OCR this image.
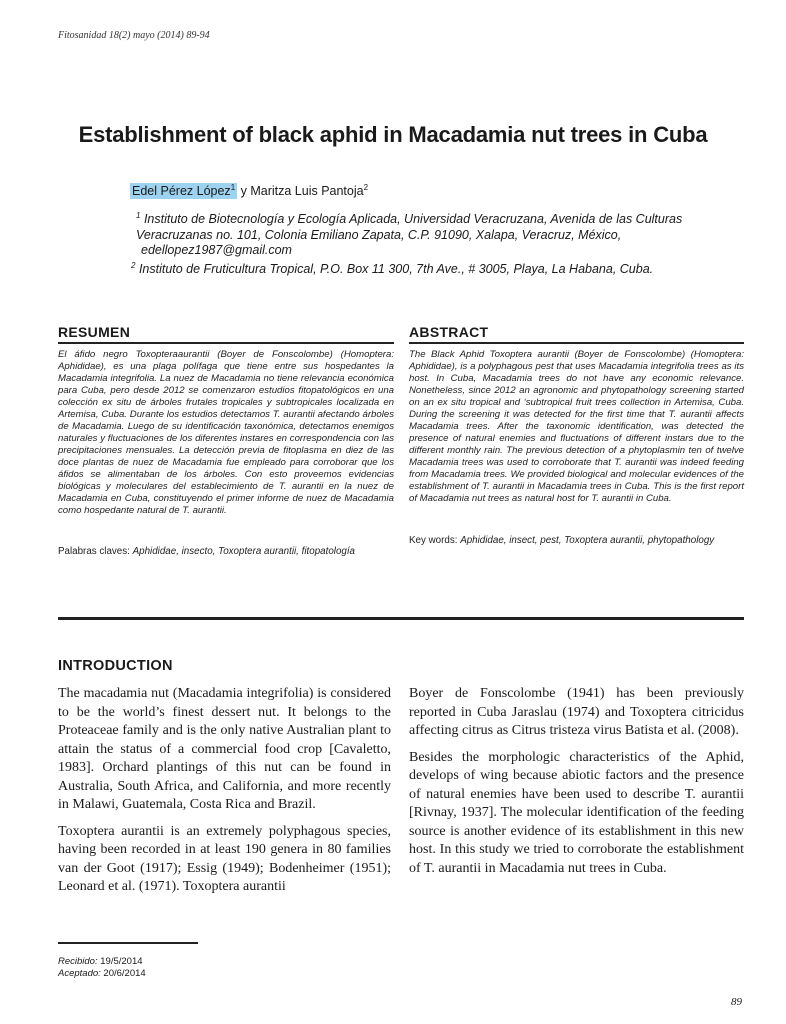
Fitosanidad 18(2) mayo (2014) 89-94
Establishment of black aphid in Macadamia nut trees in Cuba
Edel Pérez López$^1$ y Maritza Luis Pantoja$^2$
$^1$ Instituto de Biotecnología y Ecología Aplicada, Universidad Veracruzana, Avenida de las Culturas
Veracruzanas no. 101, Colonia Emiliano Zapata, C.P. 91090, Xalapa, Veracruz, México,
edellopez1987@gmail.com
$^2$ Instituto de Fruticultura Tropical, P.O. Box 11 300, 7th Ave., # 3005, Playa, La Habana, Cuba.
RESUMEN
El áfido negro Toxopteraaurantii (Boyer de Fonscolombe) (Homoptera: Aphididae), es una plaga polífaga que tiene entre sus hospedantes la Macadamia integrifolia. La nuez de Macadamia no tiene relevancia económica para Cuba, pero desde 2012 se comenzaron estudios fitopatológicos en una colección ex situ de árboles frutales tropicales y subtropicales localizada en Artemisa, Cuba. Durante los estudios detectamos T. aurantii afectando árboles de Macadamia. Luego de su identificación taxonómica, detectamos enemigos naturales y fluctuaciones de los diferentes instares en correspondencia con las precipitaciones mensuales. La detección previa de fitoplasma en diez de las doce plantas de nuez de Macadamia fue empleado para corroborar que los áfidos se alimentaban de los árboles. Con esto proveemos evidencias biológicas y moleculares del establecimiento de T. aurantii en la nuez de Macadamia en Cuba, constituyendo el primer informe de nuez de Macadamia como hospedante natural de T. aurantii.
Palabras claves: Aphididae, insecto, Toxoptera aurantii, fitopatología
ABSTRACT
The Black Aphid Toxoptera aurantii (Boyer de Fonscolombe) (Homoptera: Aphididae), is a polyphagous pest that uses Macadamia integrifolia trees as its host. In Cuba, Macadamia trees do not have any economic relevance. Nonetheless, since 2012 an agronomic and phytopathology screening started on an ex situ tropical and ‘subtropical fruit trees collection in Artemisa, Cuba. During the screening it was detected for the first time that T. aurantii affects Macadamia trees. After the taxonomic identification, was detected the presence of natural enemies and fluctuations of different instars due to the different monthly rain. The previous detection of a phytoplasmin ten of twelve Macadamia trees was used to corroborate that T. aurantii was indeed feeding from Macadamia trees. We provided biological and molecular evidences of the establishment of T. aurantii in Macadamia trees in Cuba. This is the first report of Macadamia nut trees as natural host for T. aurantii in Cuba.
Key words: Aphididae, insect, pest, Toxoptera aurantii, phytopathology
INTRODUCTION

The macadamia nut (Macadamia integrifolia) is considered to be the world’s finest dessert nut. It belongs to the Proteaceae family and is the only native Australian plant to attain the status of a commercial food crop [Cavaletto, 1983]. Orchard plantings of this nut can be found in Australia, South Africa, and California, and more recently in Malawi, Guatemala, Costa Rica and Brazil.

Toxoptera aurantii is an extremely polyphagous species, having been recorded in at least 190 genera in 80 families van der Goot (1917); Essig (1949); Bodenheimer (1951); Leonard et al. (1971). Toxoptera aurantii

Boyer de Fonscolombe (1941) has been previously reported in Cuba Jaraslau (1974) and Toxoptera citricidus affecting citrus as Citrus tristeza virus Batista et al. (2008).

Besides the morphologic characteristics of the Aphid, develops of wing because abiotic factors and the presence of natural enemies have been used to describe T. aurantii [Rivnay, 1937]. The molecular identification of the feeding source is another evidence of its establishment in this new host. In this study we tried to corroborate the establishment of T. aurantii in Macadamia nut trees in Cuba.

Recibido: 19/5/2014
Aceptado: 20/6/2014
89
